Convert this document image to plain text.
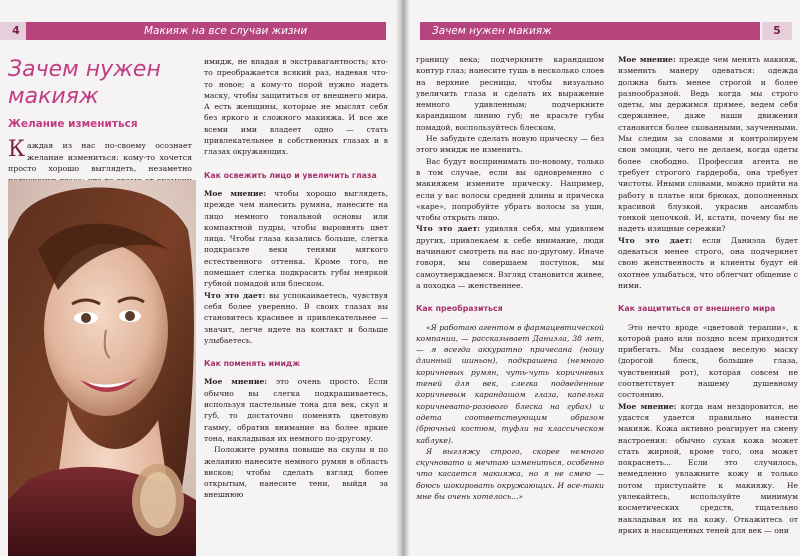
4	Макияж на все случаи жизни
Зачем нужен
макияж
Желание измениться
Каждая из нас по-своему осознает желание измениться: кому-то хочется просто хорошо выглядеть, незаметно

имидж, не впадая в экстравагантность; кто-то преображается всякий раз, надевая что-то новое; а кому-то порой нужно надеть маску, чтобы защититься от внешнего мира. А есть женщины, которые не мыслят себя без яркого и сложного макияжа. И все же всеми ими владеет одно — стать привлекательнее в собственных глазах и в глазах окружающих.

Как освежить лицо и увеличить глаза

Мое мнение: чтобы хорошо выглядеть, прежде чем нанесить румяна, нанесите на лицо немного тональной основы или компактной пудры, чтобы выровнять цвет лица. Чтобы глаза казались больше, слегка подкрасьте веки тенями мягкого естественного оттенка. Кроме того, не помешает слегка подкрасить губы неяркой губной помадой или блеском.

Что это дает: вы успокаиваетесь, чувствуя себя более уверенно. В своих глазах вы становитесь красивее и привлекательнее — значит, легче идете на контакт и больше улыбаетесь.

Как поменять имидж

Мое мнение: это очень просто. Если обычно вы слегка подкрашиваетесь, используя пастельные тона для век, скул и губ, то достаточно поменять цветовую гамму, обратив внимание на более яркие тона, накладывая их немного по-другому.

Положите румяна повыше на скулы и по желанию нанесите немного румян в область висков; чтобы сделать взгляд более открытым, нанесите тени, выйдя за внешнюю

Зачем нужен макияж	5

границу века; подчеркните карандашом контур глаз; нанесите тушь в несколько слоев на верхние ресницы, чтобы визуально увеличить глаза и сделать их выражение немного удивленным; подчеркните карандашом линию губ; не красьте губы помадой, воспользуйтесь блеском.

Не забудьте сделать новую прическу — без этого имидж не изменить.

Вас будут воспринимать по-новому, только в том случае, если вы одновременно с макияжем измените прическу. Например, если у вас волосы средней длины и прическа «каре», попробуйте убрать волосы за уши, чтобы открыть лицо.

Что это дает: удивляя себя, мы удивляем других, привлекаем к себе внимание, люди начинают смотреть на нас по-другому. Иначе говоря, мы совершаем поступок, мы самоутверждаемся. Взгляд становится живее, а походка — женственнее.

Как преобразиться

«Я работаю агентом в фармацевтической компании, — рассказывает Даниэла, 38 лет, — я всегда аккуратно причесана (ношу длинный шиньон), подкрашена (немного коричневых румян, чуть-чуть коричневых теней для век, слегка подведенные коричневым карандашом глаза, капелька коричневато-розового блеска на губах) и одета соответствующим образом (брючный костюм, туфли на классическом каблуке).

Я выгляжу строго, скорее немного скучновато и мечтаю измениться, особенно что касается макияжа, но я не смею — боюсь шокировать окружающих. И все-таки мне бы очень хотелось...»

Мое мнение: прежде чем менять макияж, изменить манеру одеваться: одежда должна быть менее строгой и более разнообразной. Ведь когда мы строго одеты, мы держимся прямее, ведем себя сдержаннее, даже наши движения становятся более скованными, заученными. Мы следим за словами и контролируем свои эмоции, чего не делаем, когда одеты более свободно. Профессия агента не требует строгого гардероба, она требует чистоты. Иными словами, можно прийти на работу в платье или брюках, дополненных красивой блузкой, украсив ансамбль тонкой цепочкой. И, кстати, почему бы не надеть изящные сережки?

Что это дает: если Даниэла будет одеваться менее строго, она подчеркнет свою женственность и клиенты будут ей охотнее улыбаться, что облегчит общение с ними.

Как защититься от внешнего мира

Это нечто вроде «цветовой терапии», к которой рано или поздно всем приходится прибегать. Мы создаем веселую маску (дорогой блеск, большие глаза, чувственный рот), которая совсем не соответствует нашему душевному состоянию.

Мое мнение: когда нам нездоровится, не удастся удается правильно нанести макияж. Кожа активно реагирует на смену настроения: обычно сухая кожа может стать жирной, кроме того, она может покраснеть... Если это случилось, немедленно увлажните кожу и только потом приступайте к макияжу. Не увлекайтесь, используйте минимум косметических средств, тщательно накладывая их на кожу. Откажитесь от ярких и насыщенных теней для век — они
